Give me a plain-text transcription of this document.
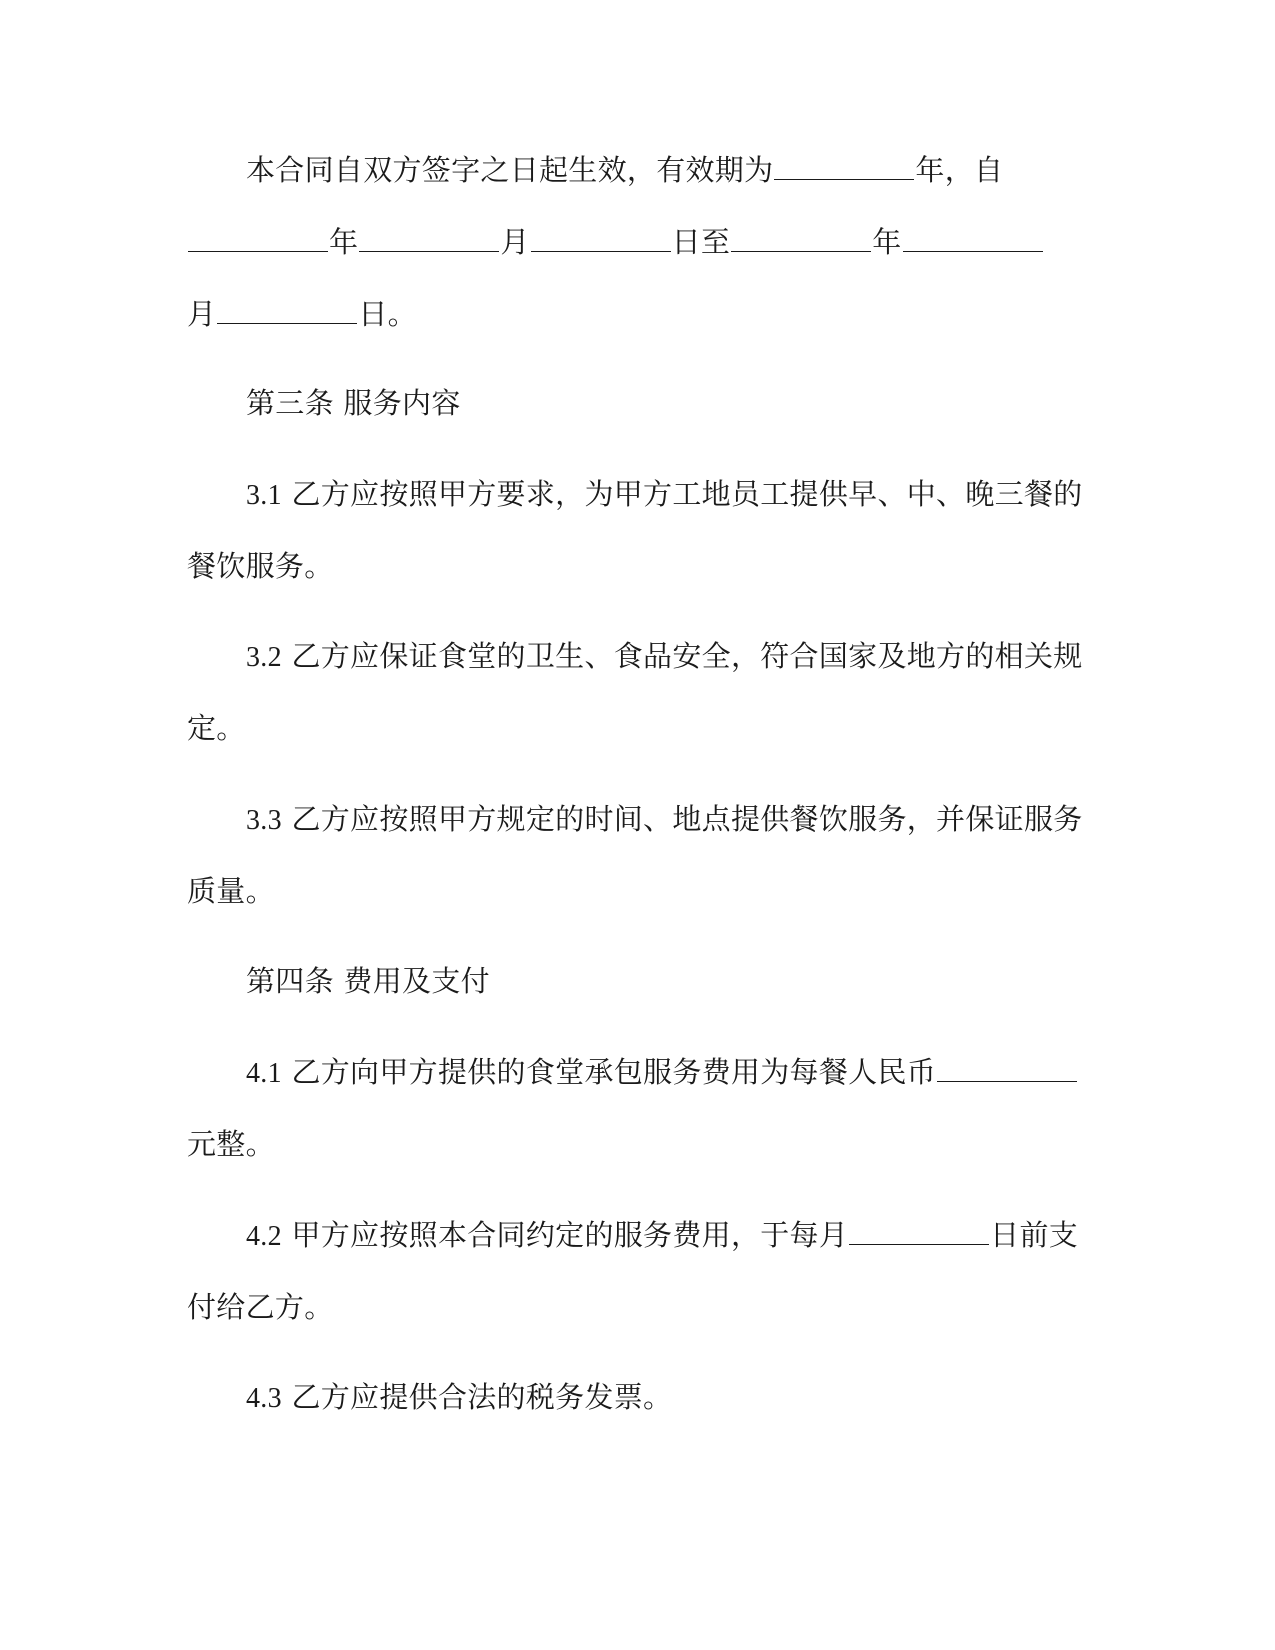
本合同自双方签字之日起生效，有效期为	年，自
年	月	日至	年
月	日。
第三条 服务内容
3.1 乙方应按照甲方要求，为甲方工地员工提供早、中、晚三餐的
餐饮服务。
3.2 乙方应保证食堂的卫生、食品安全，符合国家及地方的相关规
定。
3.3 乙方应按照甲方规定的时间、地点提供餐饮服务，并保证服务
质量。
第四条 费用及支付
4.1 乙方向甲方提供的食堂承包服务费用为每餐人民币
元整。
4.2 甲方应按照本合同约定的服务费用，于每月	日前支
付给乙方。
4.3 乙方应提供合法的税务发票。
